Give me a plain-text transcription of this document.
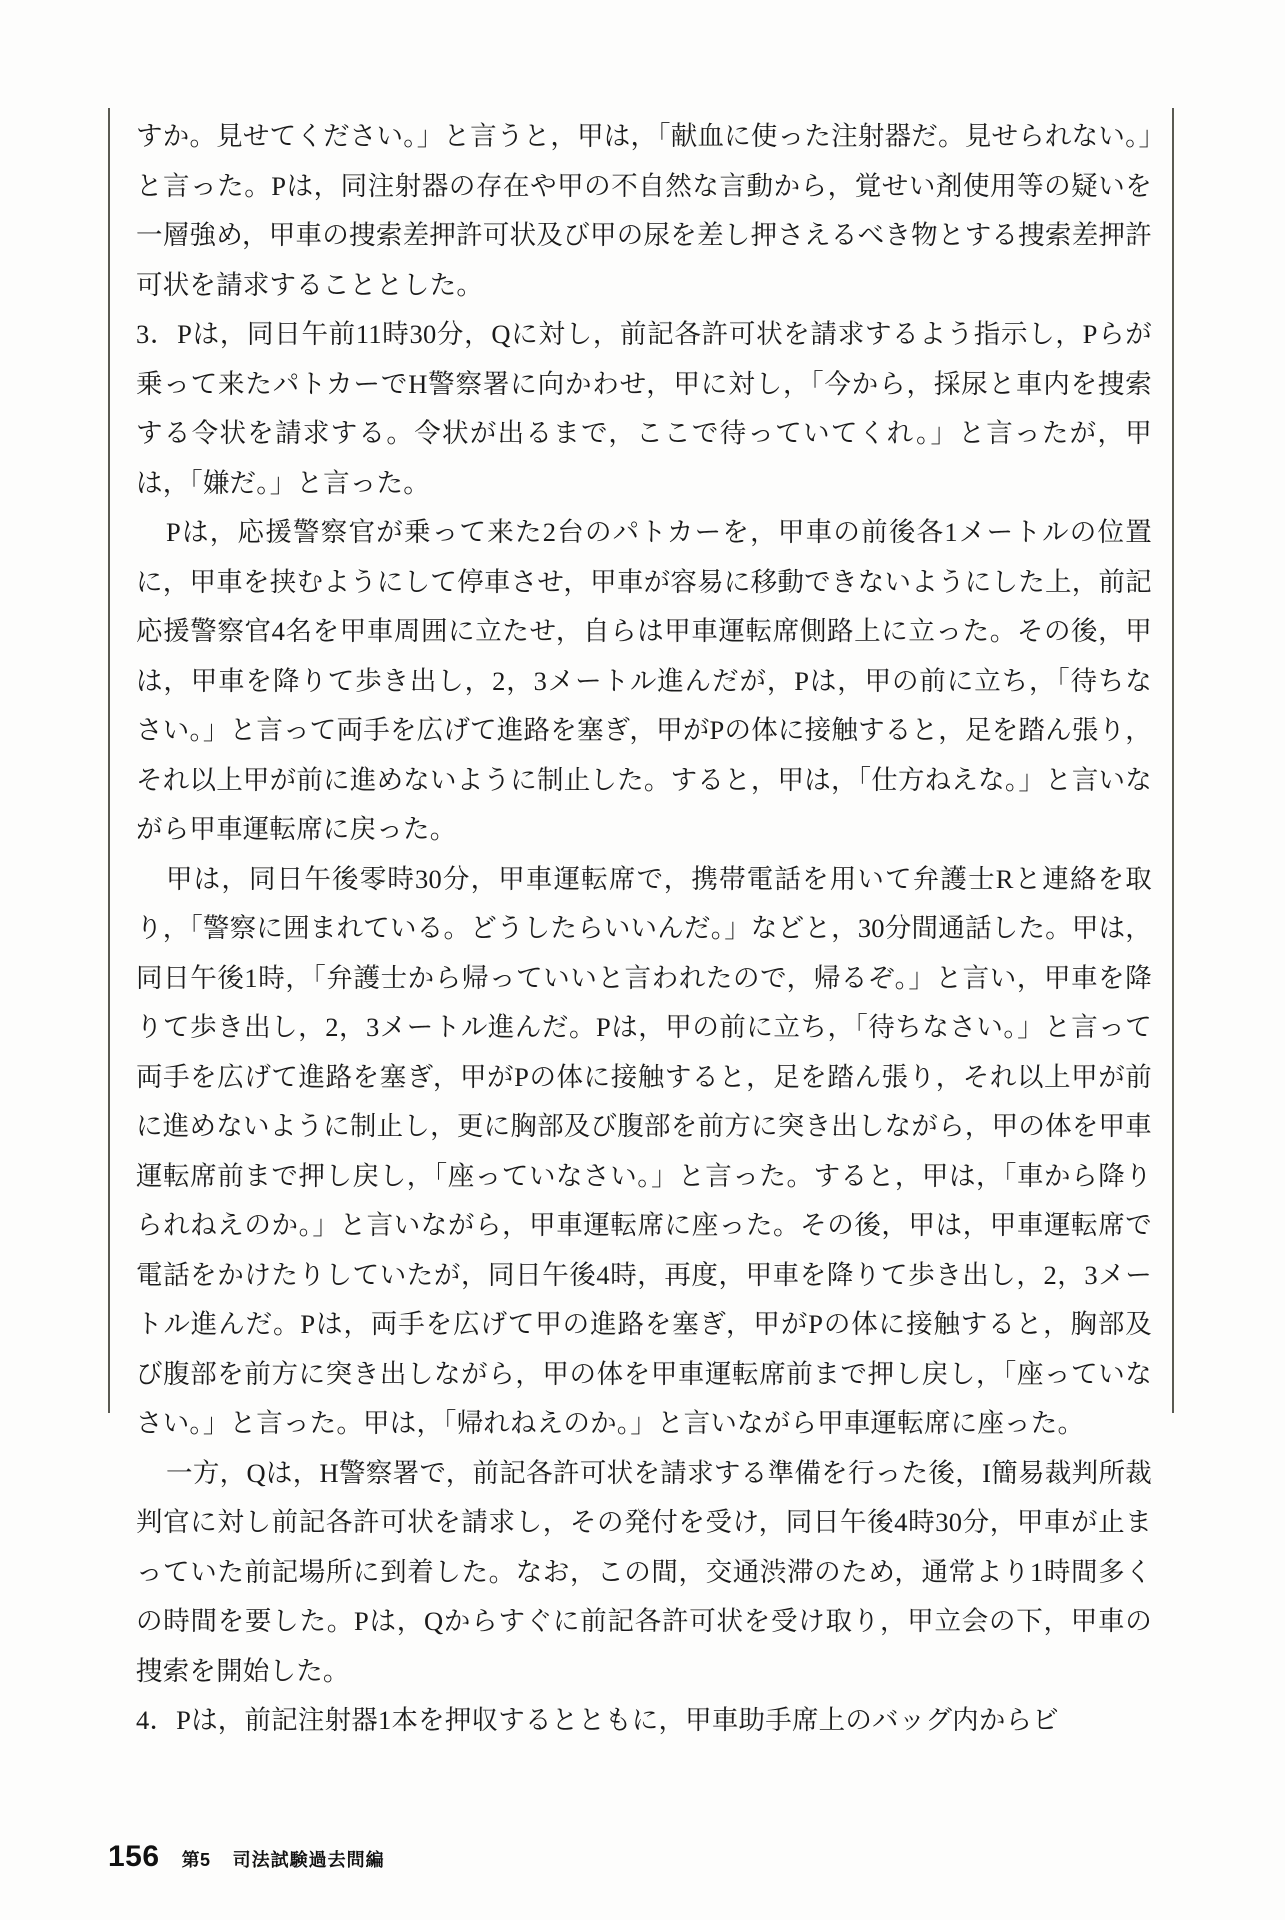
すか。見せてください。」と言うと，甲は，「献血に使った注射器だ。見せられない。」と言った。Pは，同注射器の存在や甲の不自然な言動から，覚せい剤使用等の疑いを一層強め，甲車の捜索差押許可状及び甲の尿を差し押さえるべき物とする捜索差押許可状を請求することとした。

3．Pは，同日午前11時30分，Qに対し，前記各許可状を請求するよう指示し，Pらが乗って来たパトカーでH警察署に向かわせ，甲に対し，「今から，採尿と車内を捜索する令状を請求する。令状が出るまで，ここで待っていてくれ。」と言ったが，甲は，「嫌だ。」と言った。

Pは，応援警察官が乗って来た2台のパトカーを，甲車の前後各1メートルの位置に，甲車を挟むようにして停車させ，甲車が容易に移動できないようにした上，前記応援警察官4名を甲車周囲に立たせ，自らは甲車運転席側路上に立った。その後，甲は，甲車を降りて歩き出し，2，3メートル進んだが，Pは，甲の前に立ち，「待ちなさい。」と言って両手を広げて進路を塞ぎ，甲がPの体に接触すると，足を踏ん張り，それ以上甲が前に進めないように制止した。すると，甲は，「仕方ねえな。」と言いながら甲車運転席に戻った。

甲は，同日午後零時30分，甲車運転席で，携帯電話を用いて弁護士Rと連絡を取り，「警察に囲まれている。どうしたらいいんだ。」などと，30分間通話した。甲は，同日午後1時，「弁護士から帰っていいと言われたので，帰るぞ。」と言い，甲車を降りて歩き出し，2，3メートル進んだ。Pは，甲の前に立ち，「待ちなさい。」と言って両手を広げて進路を塞ぎ，甲がPの体に接触すると，足を踏ん張り，それ以上甲が前に進めないように制止し，更に胸部及び腹部を前方に突き出しながら，甲の体を甲車運転席前まで押し戻し，「座っていなさい。」と言った。すると，甲は，「車から降りられねえのか。」と言いながら，甲車運転席に座った。その後，甲は，甲車運転席で電話をかけたりしていたが，同日午後4時，再度，甲車を降りて歩き出し，2，3メートル進んだ。Pは，両手を広げて甲の進路を塞ぎ，甲がPの体に接触すると，胸部及び腹部を前方に突き出しながら，甲の体を甲車運転席前まで押し戻し，「座っていなさい。」と言った。甲は，「帰れねえのか。」と言いながら甲車運転席に座った。

一方，Qは，H警察署で，前記各許可状を請求する準備を行った後，I簡易裁判所裁判官に対し前記各許可状を請求し，その発付を受け，同日午後4時30分，甲車が止まっていた前記場所に到着した。なお，この間，交通渋滞のため，通常より1時間多くの時間を要した。Pは，Qからすぐに前記各許可状を受け取り，甲立会の下，甲車の捜索を開始した。

4．Pは，前記注射器1本を押収するとともに，甲車助手席上のバッグ内からビ

156 第5 司法試験過去問編
